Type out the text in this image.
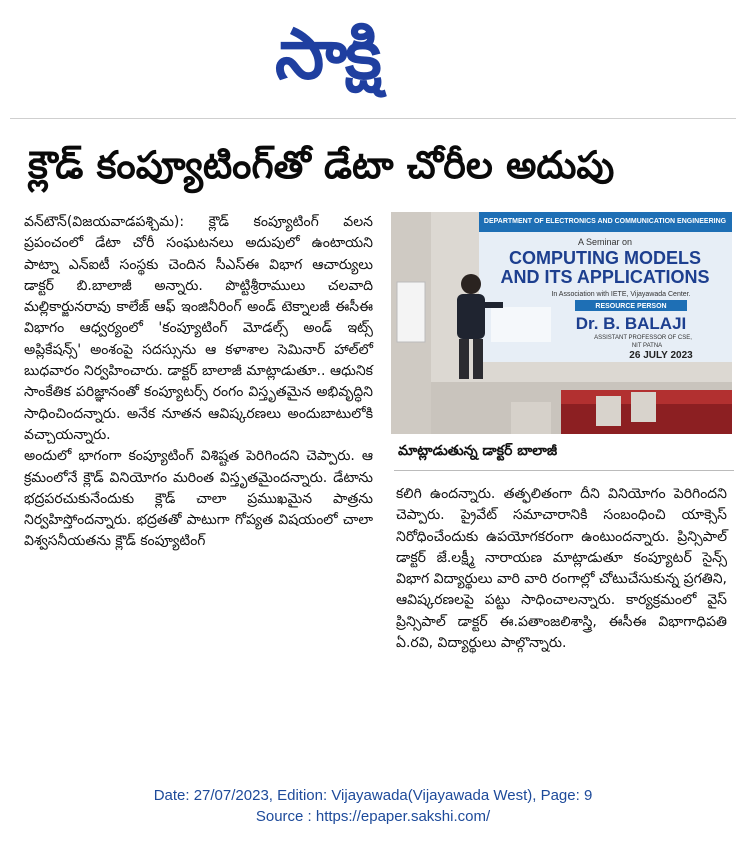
సాక్షి
క్లౌడ్ కంప్యూటింగ్‌తో డేటా చోరీల అదుపు

వన్‌టౌన్(విజయవాడపశ్చిమ): క్లౌడ్ కంప్యూటింగ్ వలన ప్రపంచంలో డేటా చోరీ సంఘటనలు అదుపులో ఉంటాయని పాట్నా ఎన్ఐటీ సంస్థకు చెందిన సీఎస్ఈ విభాగ ఆచార్యులు డాక్టర్ బి.బాలాజీ అన్నారు. పొట్టిశ్రీరాములు చలవాది మల్లికార్జునరావు కాలేజ్ ఆఫ్ ఇంజినీరింగ్ అండ్ టెక్నాలజీ ఈసీఈ విభాగం ఆధ్వర్యంలో 'కంప్యూటింగ్ మోడల్స్ అండ్ ఇట్స్ అప్లికేషన్స్' అంశంపై సదస్సును ఆ కళాశాల సెమినార్ హాల్‌లో బుధవారం నిర్వహించారు. డాక్టర్ బాలాజీ మాట్లాడుతూ.. ఆధునిక సాంకేతిక పరిజ్ఞానంతో కంప్యూటర్స్ రంగం విస్తృతమైన అభివృద్ధిని సాధించిందన్నారు. అనేక నూతన ఆవిష్కరణలు అందుబాటులోకి వచ్చాయన్నారు.

అందులో భాగంగా కంప్యూటింగ్ విశిష్టత పెరిగిందని చెప్పారు. ఆ క్రమంలోనే క్లౌడ్ వినియోగం మరింత విస్తృతమైందన్నారు. డేటాను భద్రపరచుకునేందుకు క్లౌడ్ చాలా ప్రముఖమైన పాత్రను నిర్వహిస్తోందన్నారు. భద్రతతో పాటుగా గోప్యత విషయంలో చాలా విశ్వసనీయతను క్లౌడ్ కంప్యూటింగ్

DEPARTMENT OF ELECTRONICS AND COMMUNICATION ENGINEERING
A Seminar on
COMPUTING MODELS
AND ITS APPLICATIONS
In Association with IETE, Vijayawada Center.
RESOURCE PERSON
Dr. B. BALAJI
ASSISTANT PROFESSOR OF CSE,
NIT PATNA
26 JULY 2023
మాట్లాడుతున్న డాక్టర్ బాలాజీ

కలిగి ఉందన్నారు. తత్ఫలితంగా దీని వినియోగం పెరిగిందని చెప్పారు. ప్రైవేట్ సమాచారానికి సంబంధించి యాక్సెస్ నిరోధించేందుకు ఉపయోగకరంగా ఉంటుందన్నారు. ప్రిన్సిపాల్ డాక్టర్ జే.లక్ష్మీ నారాయణ మాట్లాడుతూ కంప్యూటర్ సైన్స్ విభాగ విద్యార్థులు వారి వారి రంగాల్లో చోటుచేసుకున్న ప్రగతిని, ఆవిష్కరణలపై పట్టు సాధించాలన్నారు. కార్యక్రమంలో వైస్ ప్రిన్సిపాల్ డాక్టర్ ఈ.పతాంజలిశాస్త్రి, ఈసీఈ విభాగాధిపతి ఏ.రవి, విద్యార్థులు పాల్గొన్నారు.

Date: 27/07/2023, Edition: Vijayawada(Vijayawada West), Page: 9
Source : https://epaper.sakshi.com/
